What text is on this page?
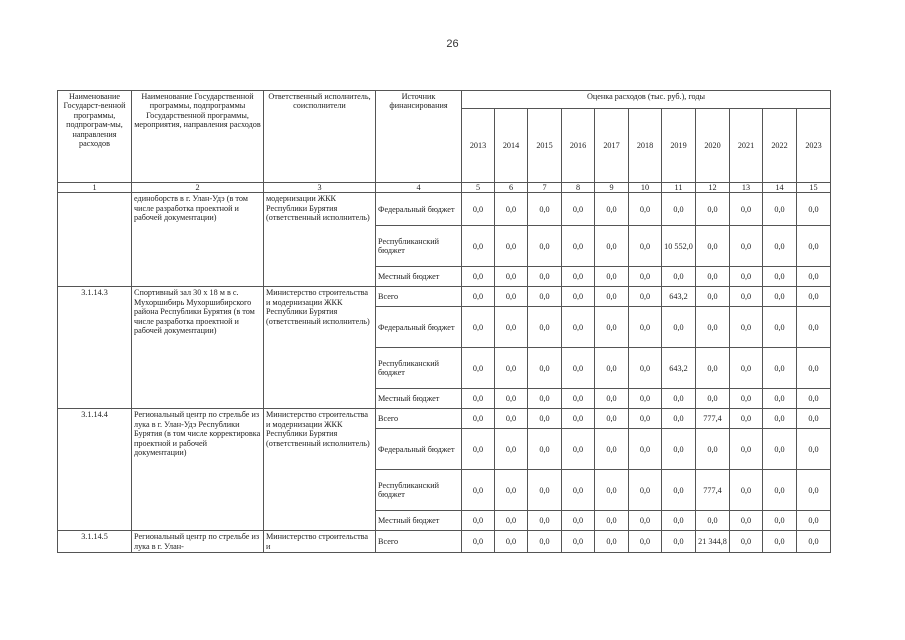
26
Наименование Государст-венной программы, подпрограм-мы, направления расходов	Наименование Государственной программы, подпрограммы Государственной программы, мероприятия, направления расходов	Ответственный исполнитель, соисполнители	Источник финансирования	Оценка расходов (тыс. руб.), годы										
				2013	2014	2015	2016	2017	2018	2019	2020	2021	2022	2023
1	2	3	4	5	6	7	8	9	10	11	12	13	14	15
	единоборств в г. Улан-Удэ (в том числе разработка проектной и рабочей документации)	модернизации ЖКК Республики Бурятия (ответственный исполнитель)	Федеральный бюджет	0,0	0,0	0,0	0,0	0,0	0,0	0,0	0,0	0,0	0,0	0,0
			Республиканский бюджет	0,0	0,0	0,0	0,0	0,0	0,0	10 552,0	0,0	0,0	0,0	0,0
			Местный бюджет	0,0	0,0	0,0	0,0	0,0	0,0	0,0	0,0	0,0	0,0	0,0
3.1.14.3	Спортивный зал 30 х 18 м в с. Мухоршибирь Мухоршибирского района Республики Бурятия (в том числе разработка проектной и рабочей документации)	Министерство строительства и модернизации ЖКК Республики Бурятия (ответственный исполнитель)	Всего	0,0	0,0	0,0	0,0	0,0	0,0	643,2	0,0	0,0	0,0	0,0
			Федеральный бюджет	0,0	0,0	0,0	0,0	0,0	0,0	0,0	0,0	0,0	0,0	0,0
			Республиканский бюджет	0,0	0,0	0,0	0,0	0,0	0,0	643,2	0,0	0,0	0,0	0,0
			Местный бюджет	0,0	0,0	0,0	0,0	0,0	0,0	0,0	0,0	0,0	0,0	0,0
3.1.14.4	Региональный центр по стрельбе из лука в г. Улан-Удэ Республики Бурятия (в том числе корректировка проектной и рабочей документации)	Министерство строительства и модернизации ЖКК Республики Бурятия (ответственный исполнитель)	Всего	0,0	0,0	0,0	0,0	0,0	0,0	0,0	777,4	0,0	0,0	0,0
			Федеральный бюджет	0,0	0,0	0,0	0,0	0,0	0,0	0,0	0,0	0,0	0,0	0,0
			Республиканский бюджет	0,0	0,0	0,0	0,0	0,0	0,0	0,0	777,4	0,0	0,0	0,0
			Местный бюджет	0,0	0,0	0,0	0,0	0,0	0,0	0,0	0,0	0,0	0,0	0,0
3.1.14.5	Региональный центр по стрельбе из лука в г. Улан-	Министерство строительства и	Всего	0,0	0,0	0,0	0,0	0,0	0,0	0,0	21 344,8	0,0	0,0	0,0
